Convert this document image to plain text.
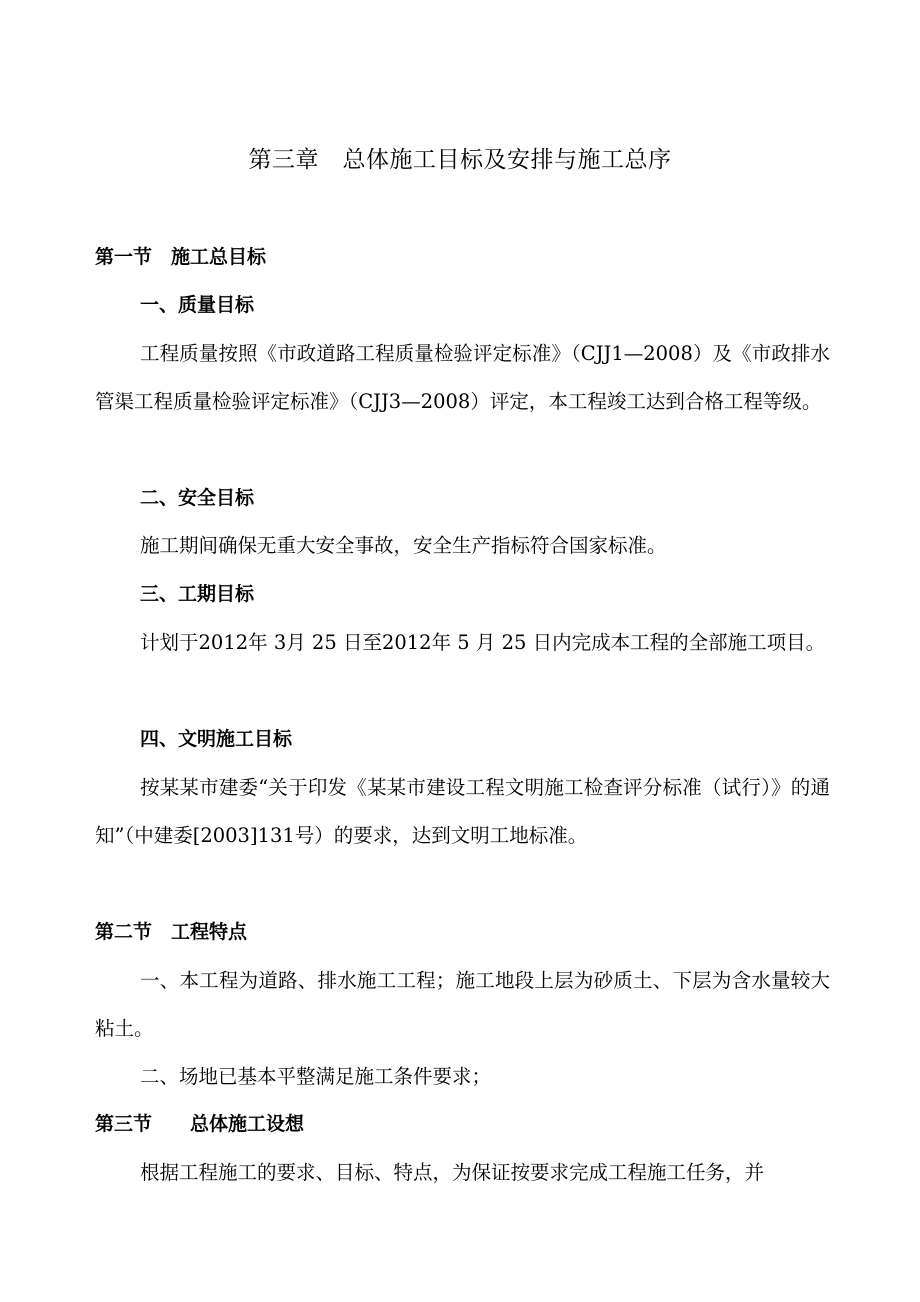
第三章　总体施工目标及安排与施工总序
第一节　施工总目标
一、质量目标

工程质量按照《市政道路工程质量检验评定标准》（CJJ1—2008）及《市政排水管渠工程质量检验评定标准》（CJJ3—2008）评定，本工程竣工达到合格工程等级。

二、安全目标

施工期间确保无重大安全事故，安全生产指标符合国家标准。

三、工期目标

计划于2012年 3月 25 日至2012年 5 月 25 日内完成本工程的全部施工项目。

四、文明施工目标

按某某市建委“关于印发《某某市建设工程文明施工检查评分标准（试行）》的通知”（中建委[2003]131号）的要求，达到文明工地标准。

第二节　工程特点

一、本工程为道路、排水施工工程；施工地段上层为砂质土、下层为含水量较大粘土。

二、场地已基本平整满足施工条件要求；

第三节　　总体施工设想

根据工程施工的要求、目标、特点，为保证按要求完成工程施工任务，并
